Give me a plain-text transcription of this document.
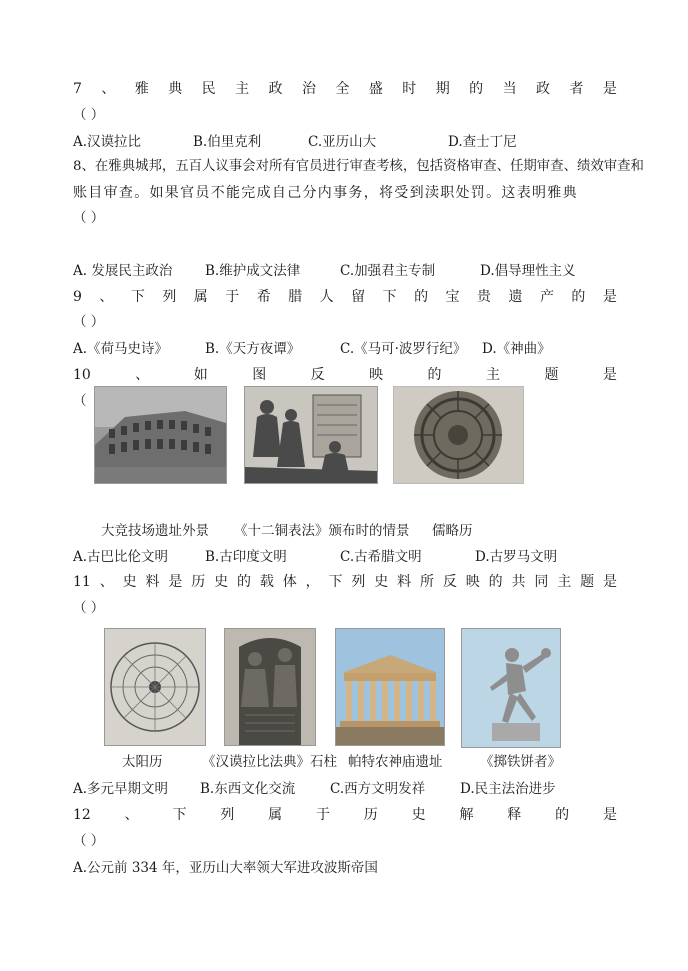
7 、 雅 典 民 主 政 治 全 盛 时 期 的 当 政 者 是
（ ）
A.汉谟拉比	B.伯里克利	C.亚历山大	D.查士丁尼
8、在雅典城邦，五百人议事会对所有官员进行审查考核，包括资格审查、任期审查、绩效审查和
账目审查。如果官员不能完成自己分内事务，将受到渎职处罚。这表明雅典
（ ）
A. 发展民主政治 B.维护成文法律	C.加强君主专制	D.倡导理性主义
9 、 下 列 属 于 希 腊 人 留 下 的 宝 贵 遗 产 的 是
（ ）
A.《荷马史诗》	B.《天方夜谭》	C.《马可·波罗行纪》 D.《神曲》
10	、	如	图	反	映	的	主	题	是
（
大竞技场遗址外景 《十二铜表法》颁布时的情景 儒略历
A.古巴比伦文明	B.古印度文明	C.古希腊文明	D.古罗马文明
11 、 史 料 是 历 史 的 载 体 ， 下 列 史 料 所 反 映 的 共 同 主 题 是
（ ）
太阳历	《汉谟拉比法典》石柱 帕特农神庙遗址	《掷铁饼者》
A.多元早期文明 B.东西文化交流	C.西方文明发祥	D.民主法治进步
12 、 下 列 属 于 历 史 解 释 的 是
（ ）
A.公元前 334 年，亚历山大率领大军进攻波斯帝国
